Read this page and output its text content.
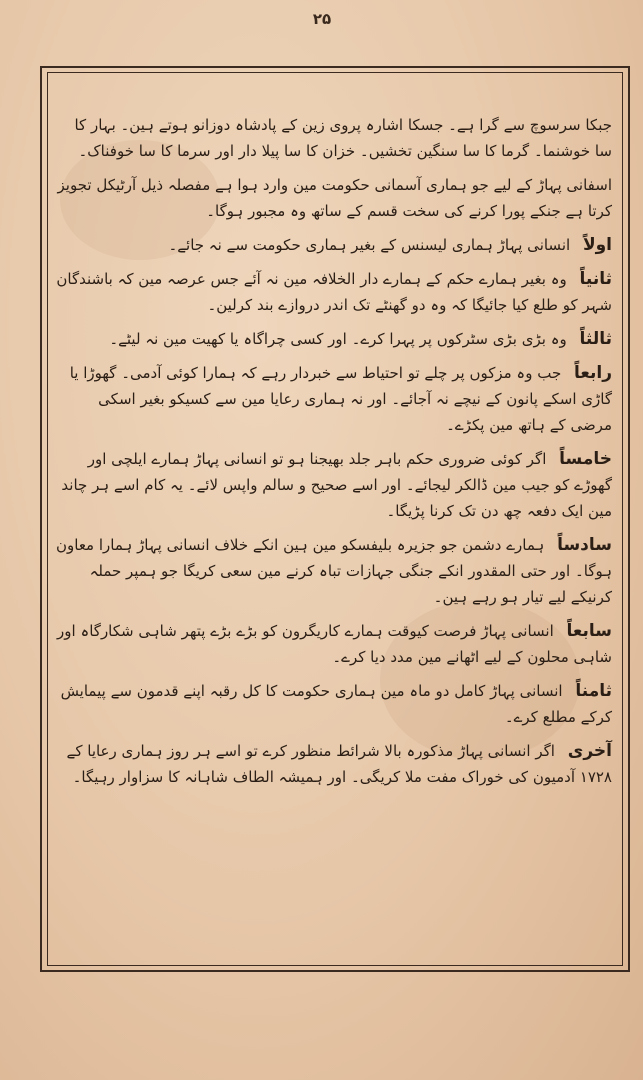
۲۵

جبکا سرسوچ سے گرا ہے۔ جسکا اشارہ پروی زین کے پادشاہ دوزانو ہوتے ہین۔ بہار کا سا خوشنما۔ گرما کا سا سنگین تخشیں۔ خزان کا سا پیلا دار اور سرما کا سا خوفناک۔

اسفانی پہاڑ کے لیے جو ہماری آسمانی حکومت مین وارد ہوا ہے مفصلہ ذیل آرٹیکل تجویز کرتا ہے جنکے پورا کرنے کی سخت قسم کے ساتھ وہ مجبور ہوگا۔

اولاً انسانی پہاڑ ہماری لیسنس کے بغیر ہماری حکومت سے نہ جائے۔
ثانیاً وہ بغیر ہمارے حکم کے ہمارے دار الخلافہ مین نہ آئے جس عرصہ مین کہ باشندگان شہر کو طلع کیا جائیگا کہ وہ دو گھنٹے تک اندر دروازے بند کرلین۔
ثالثاً وہ بڑی بڑی سٹرکوں پر پہرا کرے۔ اور کسی چراگاہ یا کھیت مین نہ لیٹے۔
رابعاً جب وہ مزکوں پر چلے تو احتیاط سے خبردار رہے کہ ہمارا کوئی آدمی۔ گھوڑا یا گاڑی اسکے پانون کے نیچے نہ آجائے۔ اور نہ ہماری رعایا مین سے کسیکو بغیر اسکی مرضی کے ہاتھ مین پکڑے۔
خامساً اگر کوئی ضروری حکم باہر جلد بھیجنا ہو تو انسانی پہاڑ ہمارے ایلچی اور گھوڑے کو جیب مین ڈالکر لیجائے۔ اور اسے صحیح و سالم واپس لائے۔ یہ کام اسے ہر چاند مین ایک دفعہ چھ دن تک کرنا پڑیگا۔
سادساً ہمارے دشمن جو جزیرہ بلیفسکو مین ہین انکے خلاف انسانی پہاڑ ہمارا معاون ہوگا۔ اور حتی المقدور انکے جنگی جہازات تباہ کرنے مین سعی کریگا جو ہمپر حملہ کرنیکے لیے تیار ہو رہے ہین۔
سابعاً انسانی پہاڑ فرصت کیوقت ہمارے کاریگرون کو بڑے بڑے پتھر شاہی شکارگاہ اور شاہی محلون کے لیے اٹھانے مین مدد دیا کرے۔
ثامناً انسانی پہاڑ کامل دو ماہ مین ہماری حکومت کا کل رقبہ اپنے قدمون سے پیمایش کرکے مطلع کرے۔
آخری اگر انسانی پہاڑ مذکورہ بالا شرائط منظور کرے تو اسے ہر روز ہماری رعایا کے ۱۷۲۸ آدمیون کی خوراک مفت ملا کریگی۔ اور ہمیشہ الطاف شاہانہ کا سزاوار رہیگا۔
